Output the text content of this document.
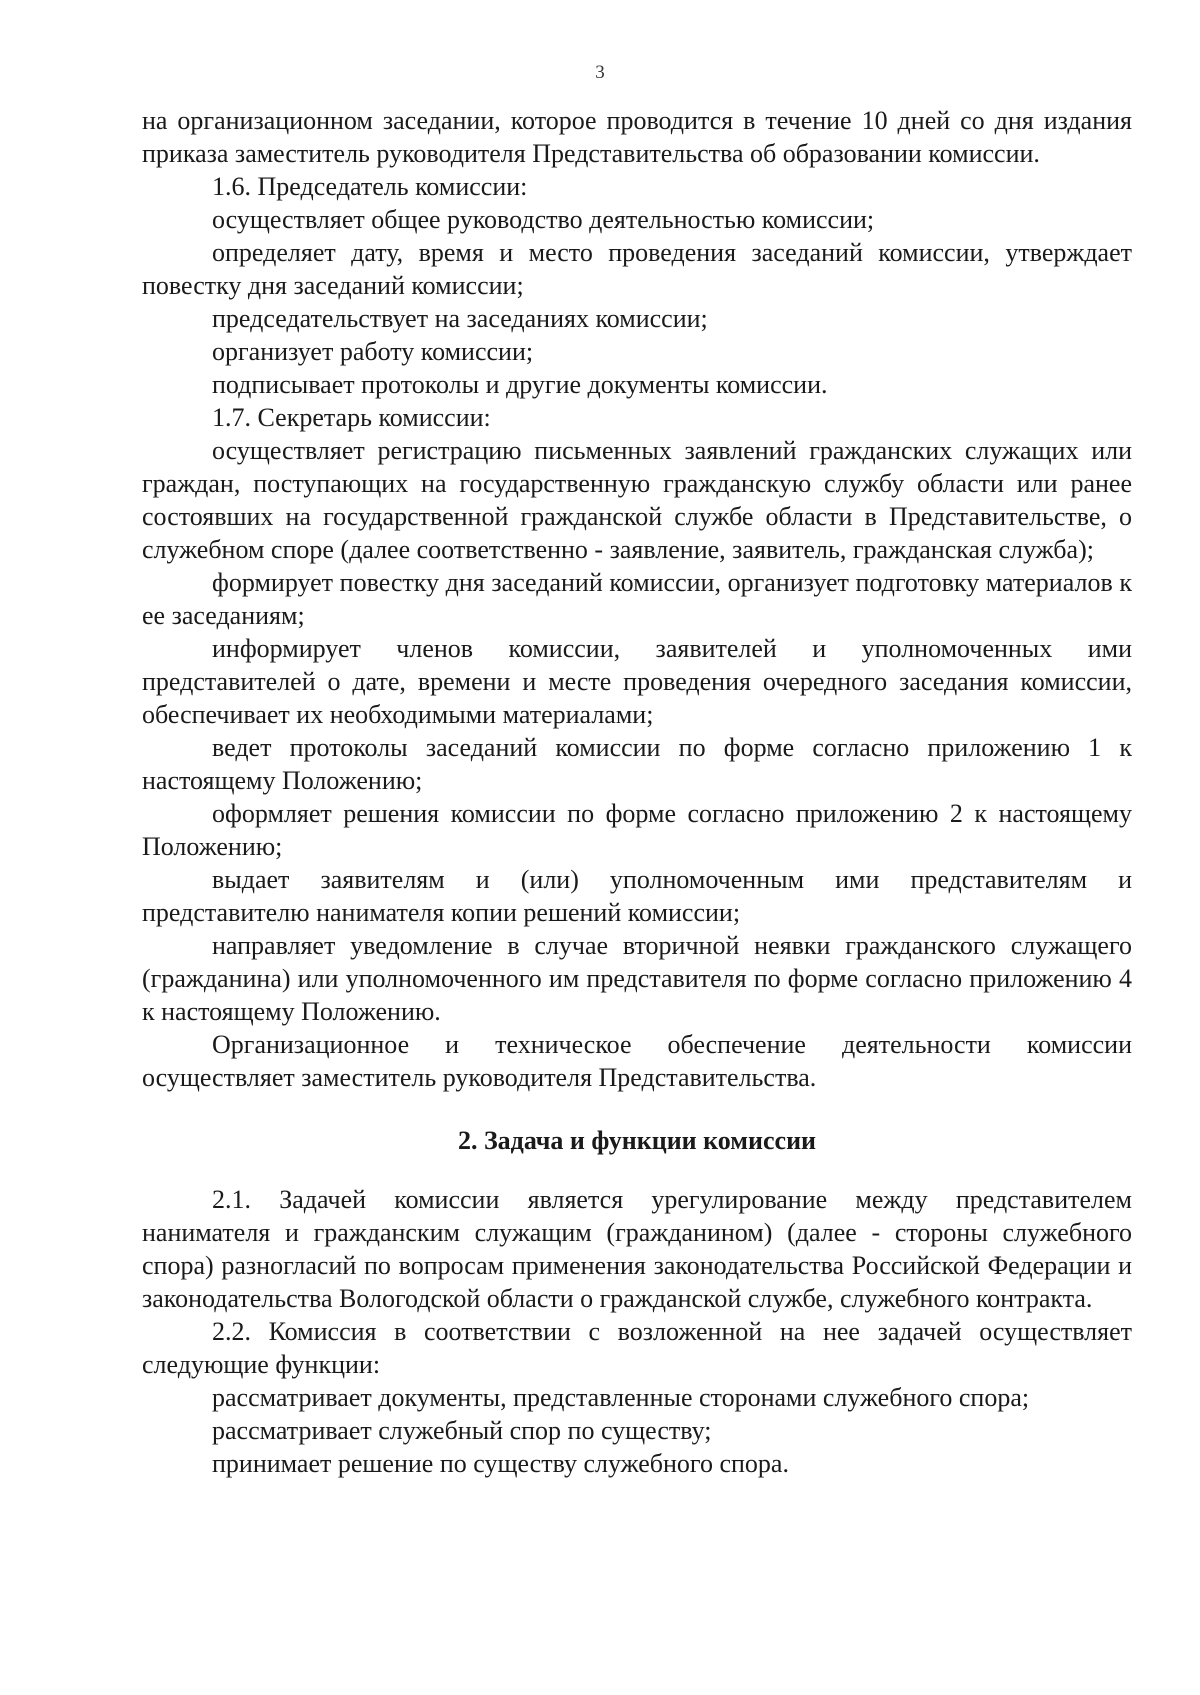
3

на организационном заседании, которое проводится в течение 10 дней со дня издания приказа заместитель руководителя Представительства об образовании комиссии.

1.6. Председатель комиссии:

осуществляет общее руководство деятельностью комиссии;

определяет дату, время и место проведения заседаний комиссии, утверждает повестку дня заседаний комиссии;

председательствует на заседаниях комиссии;

организует работу комиссии;

подписывает протоколы и другие документы комиссии.

1.7. Секретарь комиссии:

осуществляет регистрацию письменных заявлений гражданских служащих или граждан, поступающих на государственную гражданскую службу области или ранее состоявших на государственной гражданской службе области в Представительстве, о служебном споре (далее соответственно - заявление, заявитель, гражданская служба);

формирует повестку дня заседаний комиссии, организует подготовку материалов к ее заседаниям;

информирует членов комиссии, заявителей и уполномоченных ими представителей о дате, времени и месте проведения очередного заседания комиссии, обеспечивает их необходимыми материалами;

ведет протоколы заседаний комиссии по форме согласно приложению 1 к настоящему Положению;

оформляет решения комиссии по форме согласно приложению 2 к настоящему Положению;

выдает заявителям и (или) уполномоченным ими представителям и представителю нанимателя копии решений комиссии;

направляет уведомление в случае вторичной неявки гражданского служащего (гражданина) или уполномоченного им представителя по форме согласно приложению 4 к настоящему Положению.

Организационное и техническое обеспечение деятельности комиссии осуществляет заместитель руководителя Представительства.

2. Задача и функции комиссии

2.1. Задачей комиссии является урегулирование между представителем нанимателя и гражданским служащим (гражданином) (далее - стороны служебного спора) разногласий по вопросам применения законодательства Российской Федерации и законодательства Вологодской области о гражданской службе, служебного контракта.

2.2. Комиссия в соответствии с возложенной на нее задачей осуществляет следующие функции:

рассматривает документы, представленные сторонами служебного спора;

рассматривает служебный спор по существу;

принимает решение по существу служебного спора.
